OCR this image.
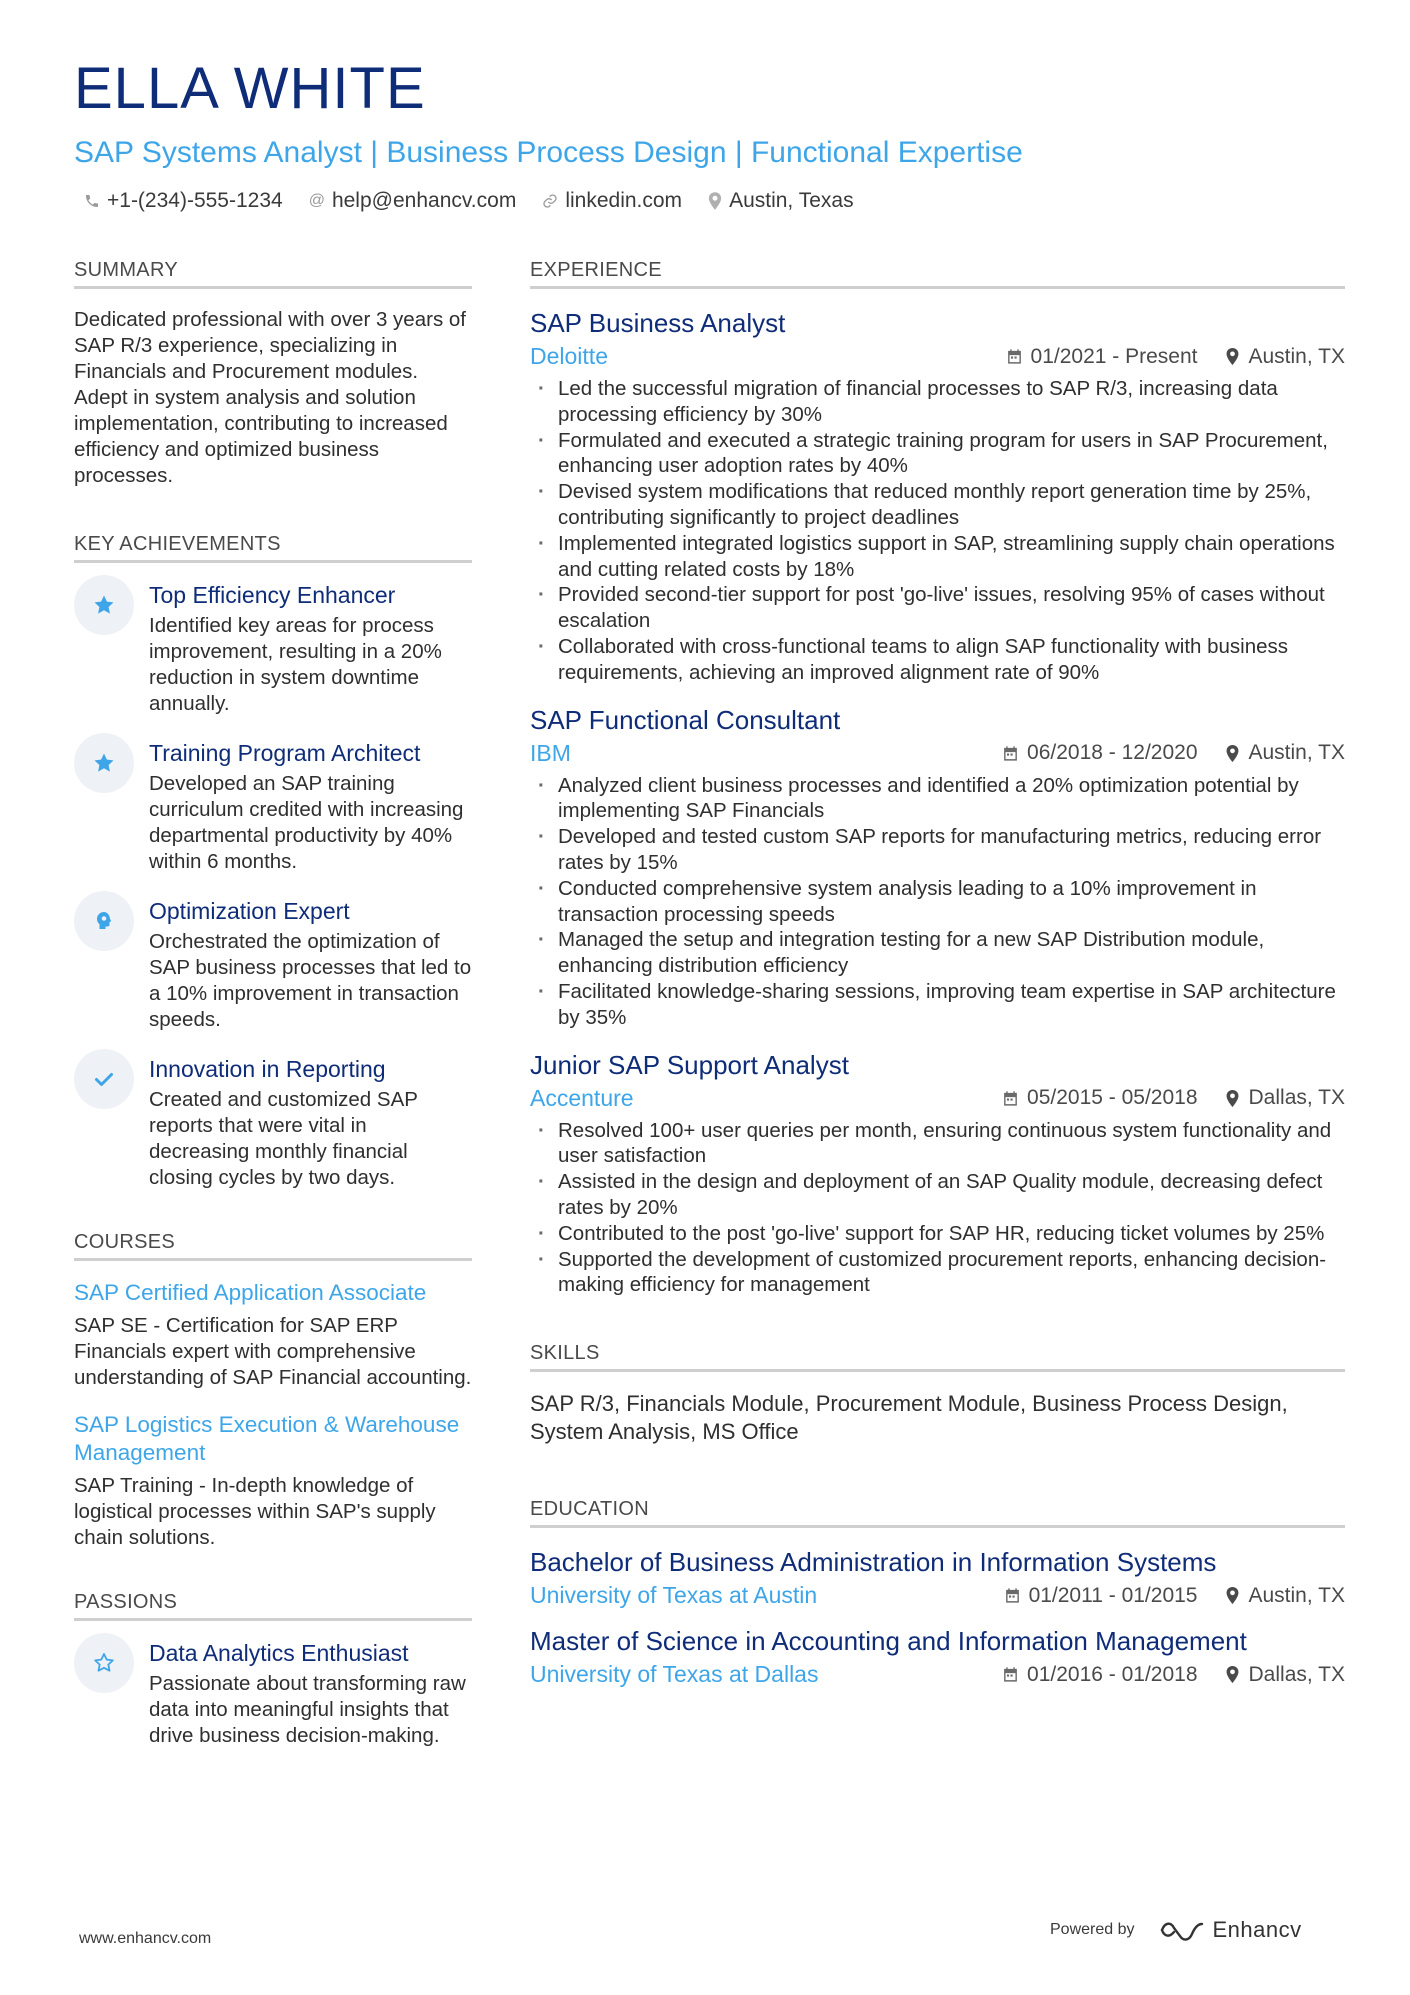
ELLA WHITE
SAP Systems Analyst | Business Process Design | Functional Expertise
+1-(234)-555-1234 @ help@enhancv.com linkedin.com Austin, Texas
SUMMARY
Dedicated professional with over 3 years of SAP R/3 experience, specializing in Financials and Procurement modules. Adept in system analysis and solution implementation, contributing to increased efficiency and optimized business processes.
KEY ACHIEVEMENTS
Top Efficiency Enhancer
Identified key areas for process improvement, resulting in a 20% reduction in system downtime annually.
Training Program Architect
Developed an SAP training curriculum credited with increasing departmental productivity by 40% within 6 months.
Optimization Expert
Orchestrated the optimization of SAP business processes that led to a 10% improvement in transaction speeds.
Innovation in Reporting
Created and customized SAP reports that were vital in decreasing monthly financial closing cycles by two days.
COURSES
SAP Certified Application Associate
SAP SE - Certification for SAP ERP Financials expert with comprehensive understanding of SAP Financial accounting.
SAP Logistics Execution & Warehouse Management
SAP Training - In-depth knowledge of logistical processes within SAP's supply chain solutions.
PASSIONS
Data Analytics Enthusiast
Passionate about transforming raw data into meaningful insights that drive business decision-making.
EXPERIENCE
SAP Business Analyst
Deloitte	01/2021 - Present Austin, TX
· Led the successful migration of financial processes to SAP R/3, increasing data processing efficiency by 30%
· Formulated and executed a strategic training program for users in SAP Procurement, enhancing user adoption rates by 40%
· Devised system modifications that reduced monthly report generation time by 25%, contributing significantly to project deadlines
· Implemented integrated logistics support in SAP, streamlining supply chain operations and cutting related costs by 18%
· Provided second-tier support for post 'go-live' issues, resolving 95% of cases without escalation
· Collaborated with cross-functional teams to align SAP functionality with business requirements, achieving an improved alignment rate of 90%
SAP Functional Consultant
IBM	06/2018 - 12/2020 Austin, TX
· Analyzed client business processes and identified a 20% optimization potential by implementing SAP Financials
· Developed and tested custom SAP reports for manufacturing metrics, reducing error rates by 15%
· Conducted comprehensive system analysis leading to a 10% improvement in transaction processing speeds
· Managed the setup and integration testing for a new SAP Distribution module, enhancing distribution efficiency
· Facilitated knowledge-sharing sessions, improving team expertise in SAP architecture by 35%
Junior SAP Support Analyst
Accenture	05/2015 - 05/2018 Dallas, TX
· Resolved 100+ user queries per month, ensuring continuous system functionality and user satisfaction
· Assisted in the design and deployment of an SAP Quality module, decreasing defect rates by 20%
· Contributed to the post 'go-live' support for SAP HR, reducing ticket volumes by 25%
· Supported the development of customized procurement reports, enhancing decision-making efficiency for management
SKILLS
SAP R/3, Financials Module, Procurement Module, Business Process Design, System Analysis, MS Office
EDUCATION
Bachelor of Business Administration in Information Systems
University of Texas at Austin	01/2011 - 01/2015 Austin, TX
Master of Science in Accounting and Information Management
University of Texas at Dallas	01/2016 - 01/2018 Dallas, TX
www.enhancv.com
Powered by	Enhancv
